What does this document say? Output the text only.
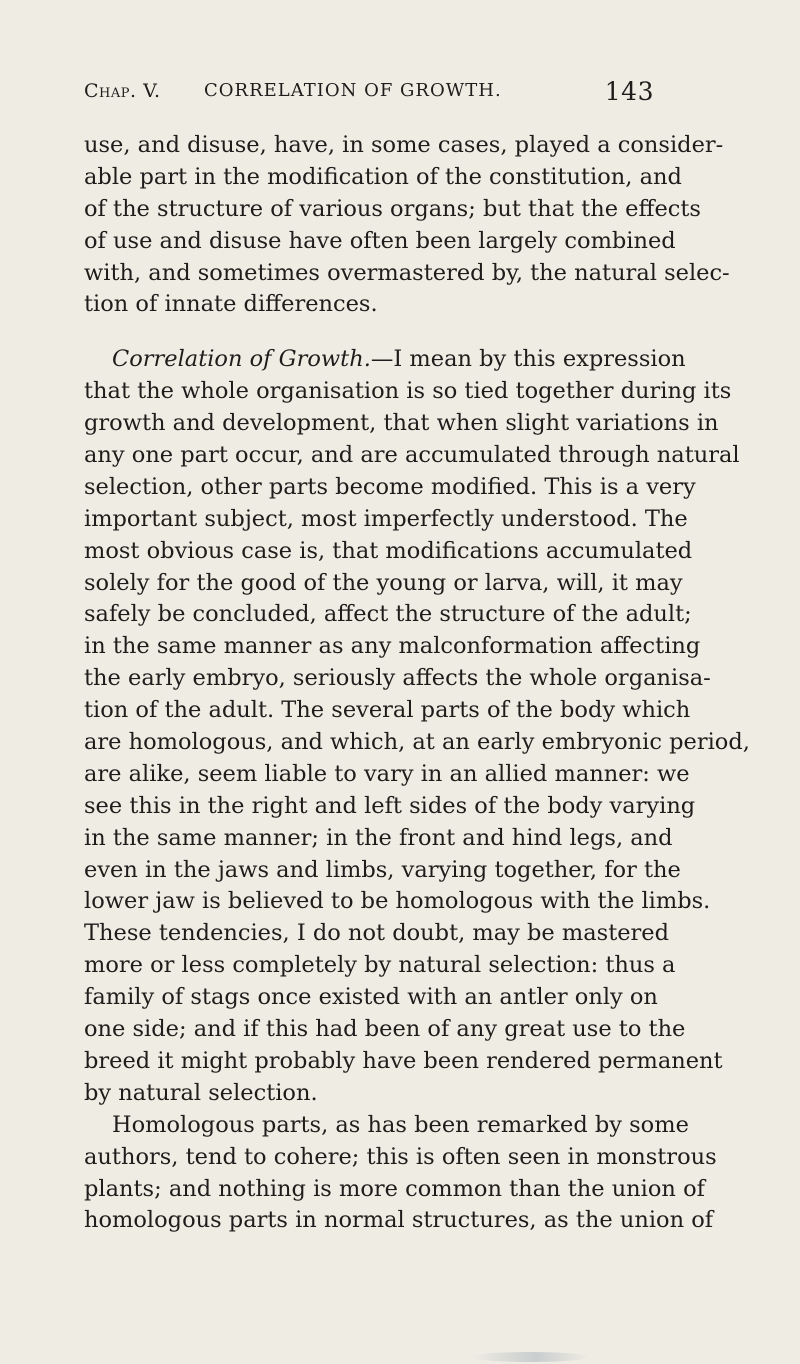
Chap. V. CORRELATION OF GROWTH.	143
use, and disuse, have, in some cases, played a consider-
able part in the modification of the constitution, and
of the structure of various organs; but that the effects
of use and disuse have often been largely combined
with, and sometimes overmastered by, the natural selec-
tion of innate differences.
Correlation of Growth.—I mean by this expression
that the whole organisation is so tied together during its
growth and development, that when slight variations in
any one part occur, and are accumulated through natural
selection, other parts become modified. This is a very
important subject, most imperfectly understood. The
most obvious case is, that modifications accumulated
solely for the good of the young or larva, will, it may
safely be concluded, affect the structure of the adult;
in the same manner as any malconformation affecting
the early embryo, seriously affects the whole organisa-
tion of the adult. The several parts of the body which
are homologous, and which, at an early embryonic period,
are alike, seem liable to vary in an allied manner: we
see this in the right and left sides of the body varying
in the same manner; in the front and hind legs, and
even in the jaws and limbs, varying together, for the
lower jaw is believed to be homologous with the limbs.
These tendencies, I do not doubt, may be mastered
more or less completely by natural selection: thus a
family of stags once existed with an antler only on
one side; and if this had been of any great use to the
breed it might probably have been rendered permanent
by natural selection.
Homologous parts, as has been remarked by some
authors, tend to cohere; this is often seen in monstrous
plants; and nothing is more common than the union of
homologous parts in normal structures, as the union of
